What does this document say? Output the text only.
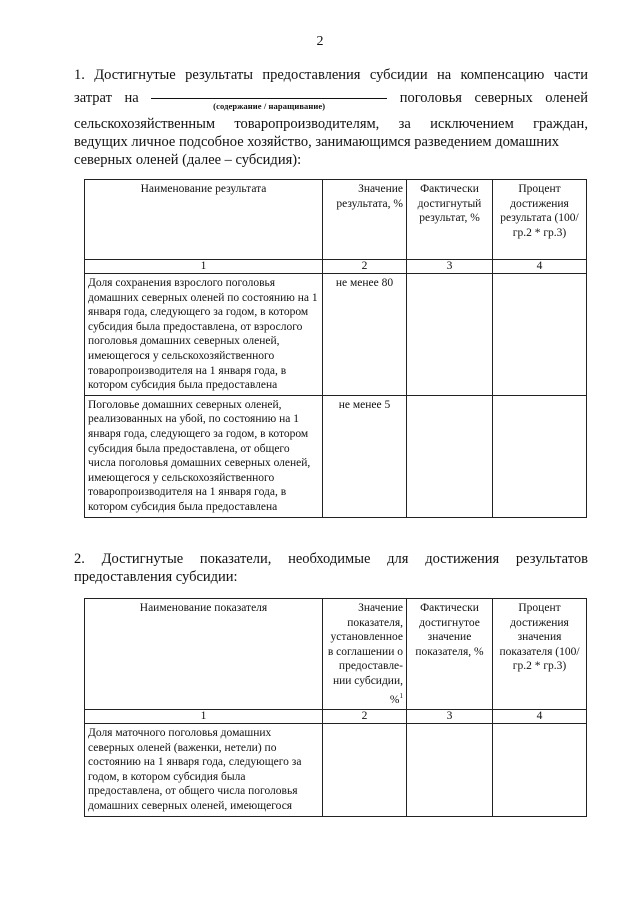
2
1. Достигнутые результаты предоставления субсидии на компенсацию части
затрат на	(содержание / наращивание)	поголовья северных оленей
сельскохозяйственным товаропроизводителям, за исключением граждан,
ведущих личное подсобное хозяйство, занимающимся разведением домашних
северных оленей (далее – субсидия):
Наименование результата	Значение результата, %	Фактически достигнутый результат, %	Процент достижения результата (100/гр.2 * гр.3)
1	2	3	4
Доля сохранения взрослого поголовья домашних северных оленей по состоянию на 1 января года, следующего за годом, в котором субсидия была предоставлена, от взрослого поголовья домашних северных оленей, имеющегося у сельскохозяйственного товаропроизводителя на 1 января года, в котором субсидия была предоставлена	не менее 80		
Поголовье домашних северных оленей, реализованных на убой, по состоянию на 1 января года, следующего за годом, в котором субсидия была предоставлена, от общего числа поголовья домашних северных оленей, имеющегося у сельскохозяйственного товаропроизводителя на 1 января года, в котором субсидия была предоставлена	не менее 5		
2. Достигнутые показатели, необходимые для достижения результатов
предоставления субсидии:
Наименование показателя	Значение показателя, установленное в соглашении о предоставле-нии субсидии, %$^1$	Фактически достигнутое значение показателя, %	Процент достижения значения показателя (100/гр.2 * гр.3)
1	2	3	4
Доля маточного поголовья домашних северных оленей (важенки, нетели) по состоянию на 1 января года, следующего за годом, в котором субсидия была предоставлена, от общего числа поголовья домашних северных оленей, имеющегося			
